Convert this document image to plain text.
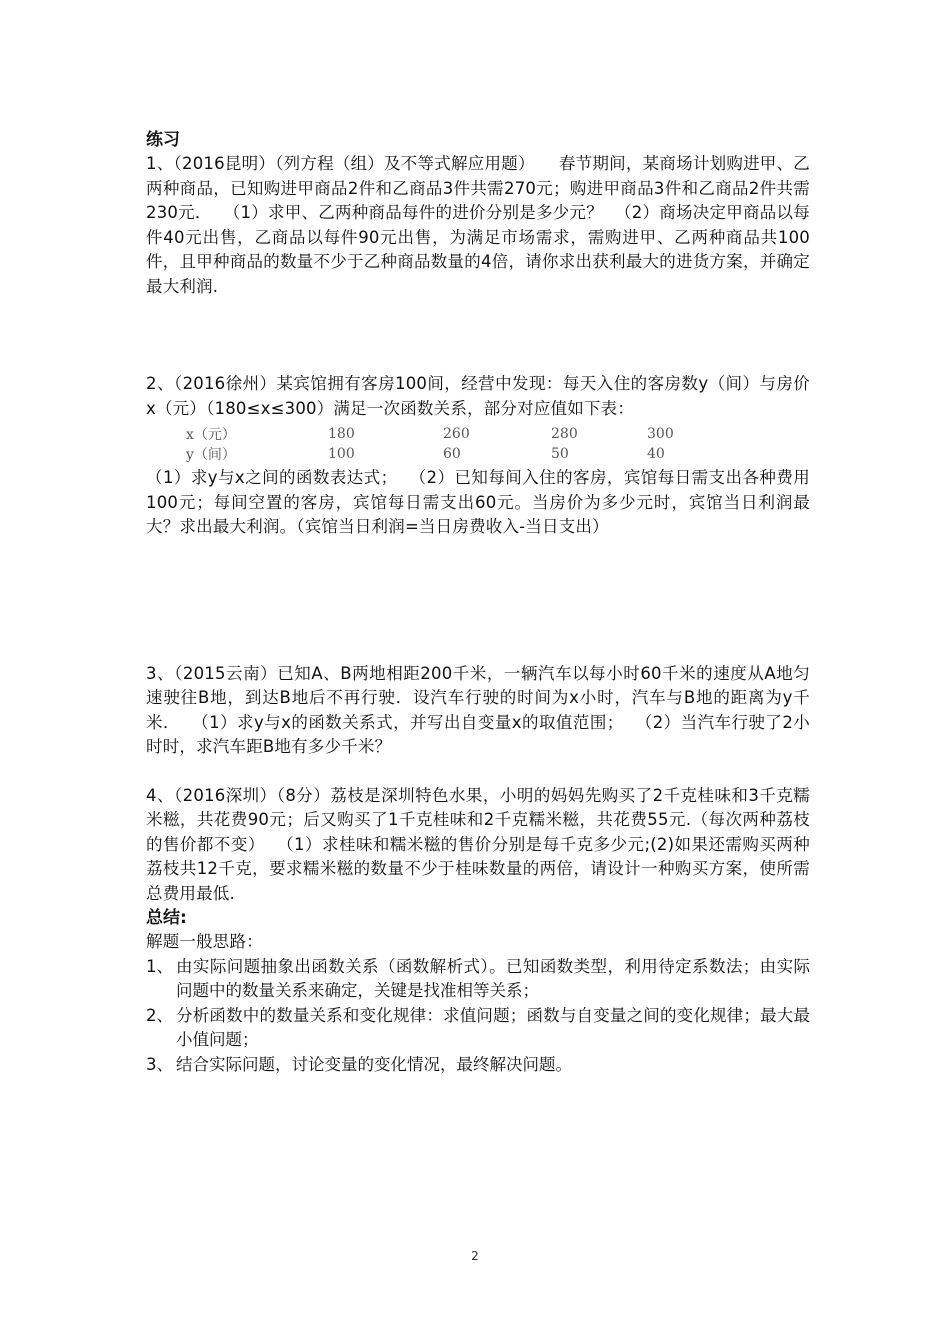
练习
1、（2016昆明）（列方程（组）及不等式解应用题） 春节期间，某商场计划购进甲、乙两种商品，已知购进甲商品2件和乙商品3件共需270元；购进甲商品3件和乙商品2件共需230元． （1）求甲、乙两种商品每件的进价分别是多少元？ （2）商场决定甲商品以每件40元出售，乙商品以每件90元出售，为满足市场需求，需购进甲、乙两种商品共100件，且甲种商品的数量不少于乙种商品数量的4倍，请你求出获利最大的进货方案，并确定最大利润.
2、（2016徐州）某宾馆拥有客房100间，经营中发现：每天入住的客房数y（间）与房价x（元）（180≤x≤300）满足一次函数关系，部分对应值如下表：
x（元）	180	260	280	300
y（间）	100	60	50	40
（1）求y与x之间的函数表达式； （2）已知每间入住的客房，宾馆每日需支出各种费用100元；每间空置的客房，宾馆每日需支出60元。当房价为多少元时，宾馆当日利润最大？求出最大利润。（宾馆当日利润=当日房费收入-当日支出）
3、（2015云南）已知A、B两地相距200千米，一辆汽车以每小时60千米的速度从A地匀速驶往B地，到达B地后不再行驶．设汽车行驶的时间为x小时，汽车与B地的距离为y千米． （1）求y与x的函数关系式，并写出自变量x的取值范围； （2）当汽车行驶了2小时时，求汽车距B地有多少千米？
4、（2016深圳）（8分）荔枝是深圳特色水果，小明的妈妈先购买了2千克桂味和3千克糯米糍，共花费90元；后又购买了1千克桂味和2千克糯米糍，共花费55元.（每次两种荔枝的售价都不变） （1）求桂味和糯米糍的售价分别是每千克多少元;(2)如果还需购买两种荔枝共12千克，要求糯米糍的数量不少于桂味数量的两倍，请设计一种购买方案，使所需总费用最低.
总结:
解题一般思路：
1、 由实际问题抽象出函数关系（函数解析式）。已知函数类型，利用待定系数法；由实际问题中的数量关系来确定，关键是找准相等关系；
2、 分析函数中的数量关系和变化规律：求值问题；函数与自变量之间的变化规律；最大最小值问题；
3、 结合实际问题，讨论变量的变化情况，最终解决问题。
2
